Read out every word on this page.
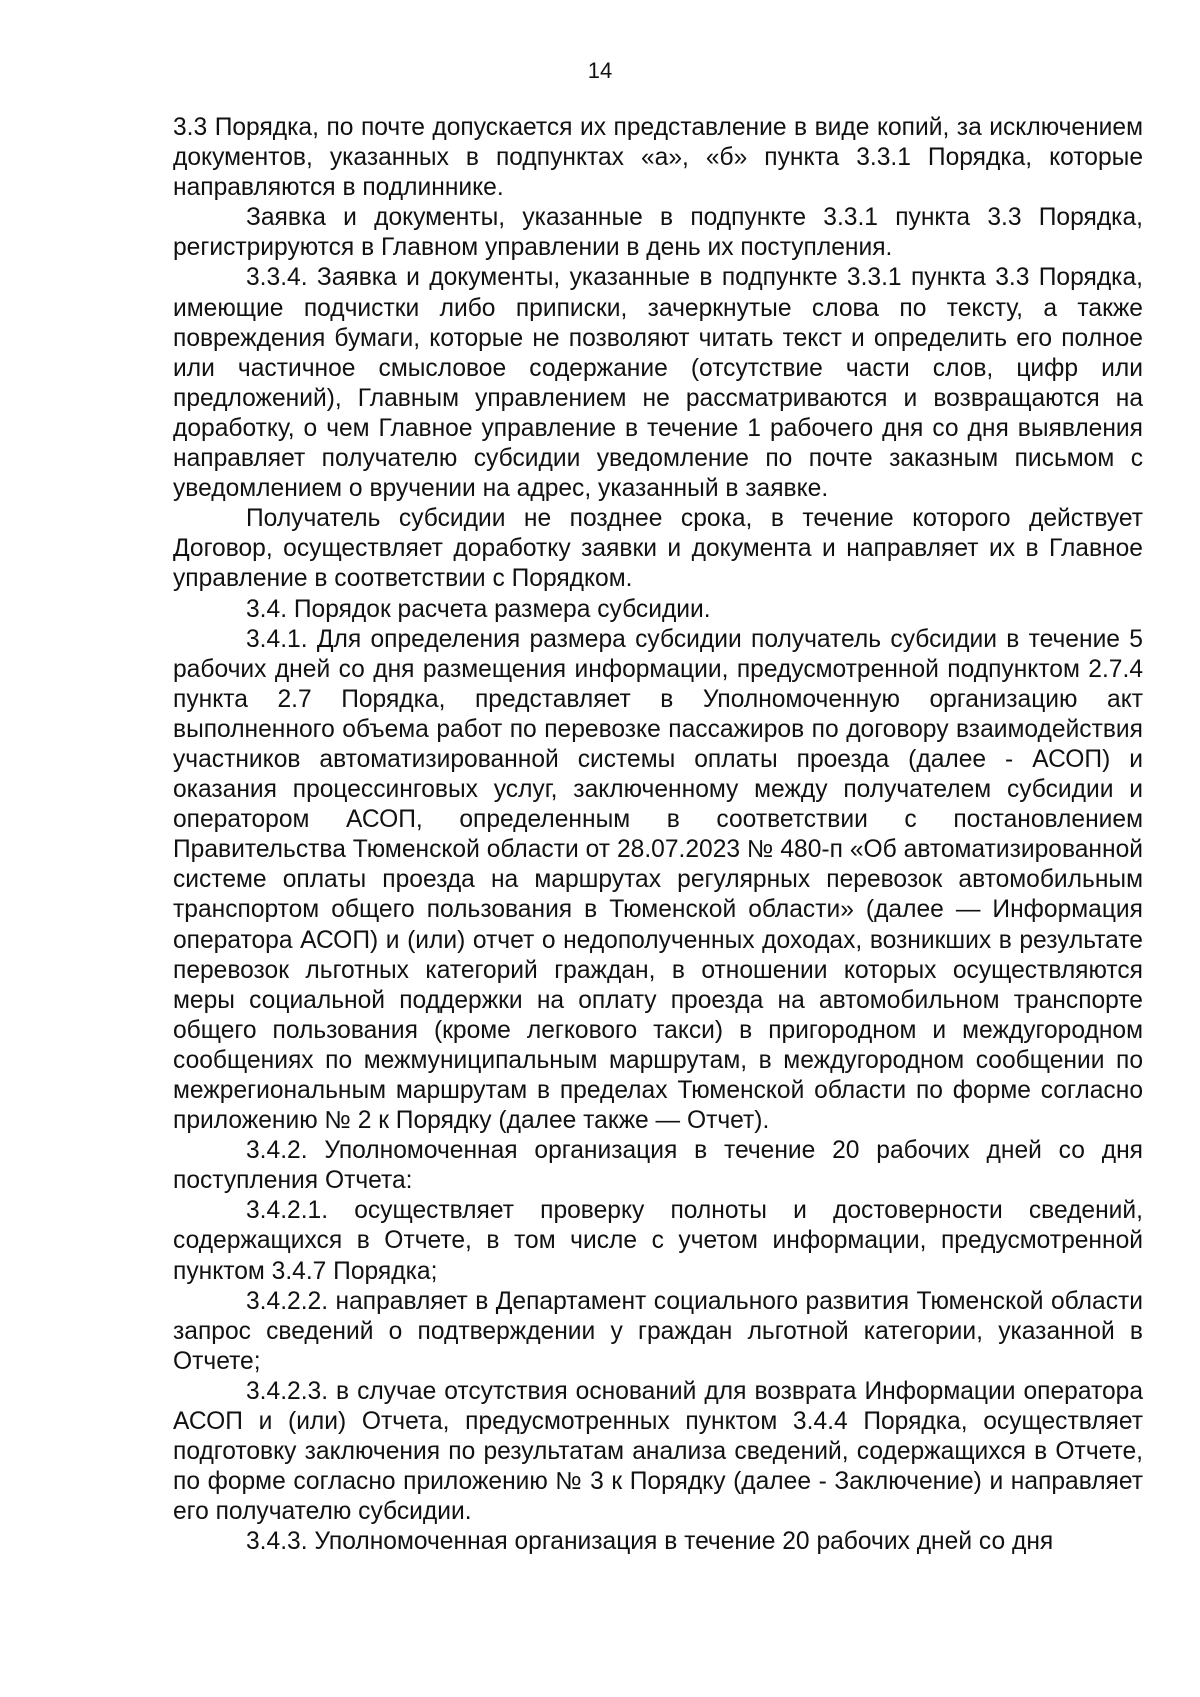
14

3.3 Порядка, по почте допускается их представление в виде копий, за исключением документов, указанных в подпунктах «а», «б» пункта 3.3.1 Порядка, которые направляются в подлиннике.

Заявка и документы, указанные в подпункте 3.3.1 пункта 3.3 Порядка, регистрируются в Главном управлении в день их поступления.

3.3.4. Заявка и документы, указанные в подпункте 3.3.1 пункта 3.3 Порядка, имеющие подчистки либо приписки, зачеркнутые слова по тексту, а также повреждения бумаги, которые не позволяют читать текст и определить его полное или частичное смысловое содержание (отсутствие части слов, цифр или предложений), Главным управлением не рассматриваются и возвращаются на доработку, о чем Главное управление в течение 1 рабочего дня со дня выявления направляет получателю субсидии уведомление по почте заказным письмом с уведомлением о вручении на адрес, указанный в заявке.

Получатель субсидии не позднее срока, в течение которого действует Договор, осуществляет доработку заявки и документа и направляет их в Главное управление в соответствии с Порядком.

3.4. Порядок расчета размера субсидии.

3.4.1. Для определения размера субсидии получатель субсидии в течение 5 рабочих дней со дня размещения информации, предусмотренной подпунктом 2.7.4 пункта 2.7 Порядка, представляет в Уполномоченную организацию акт выполненного объема работ по перевозке пассажиров по договору взаимодействия участников автоматизированной системы оплаты проезда (далее - АСОП) и оказания процессинговых услуг, заключенному между получателем субсидии и оператором АСОП, определенным в соответствии с постановлением Правительства Тюменской области от 28.07.2023 № 480-п «Об автоматизированной системе оплаты проезда на маршрутах регулярных перевозок автомобильным транспортом общего пользования в Тюменской области» (далее — Информация оператора АСОП) и (или) отчет о недополученных доходах, возникших в результате перевозок льготных категорий граждан, в отношении которых осуществляются меры социальной поддержки на оплату проезда на автомобильном транспорте общего пользования (кроме легкового такси) в пригородном и междугородном сообщениях по межмуниципальным маршрутам, в междугородном сообщении по межрегиональным маршрутам в пределах Тюменской области по форме согласно приложению № 2 к Порядку (далее также — Отчет).

3.4.2. Уполномоченная организация в течение 20 рабочих дней со дня поступления Отчета:

3.4.2.1. осуществляет проверку полноты и достоверности сведений, содержащихся в Отчете, в том числе с учетом информации, предусмотренной пунктом 3.4.7 Порядка;

3.4.2.2. направляет в Департамент социального развития Тюменской области запрос сведений о подтверждении у граждан льготной категории, указанной в Отчете;

3.4.2.3. в случае отсутствия оснований для возврата Информации оператора АСОП и (или) Отчета, предусмотренных пунктом 3.4.4 Порядка, осуществляет подготовку заключения по результатам анализа сведений, содержащихся в Отчете, по форме согласно приложению № 3 к Порядку (далее - Заключение) и направляет его получателю субсидии.

3.4.3. Уполномоченная организация в течение 20 рабочих дней со дня
